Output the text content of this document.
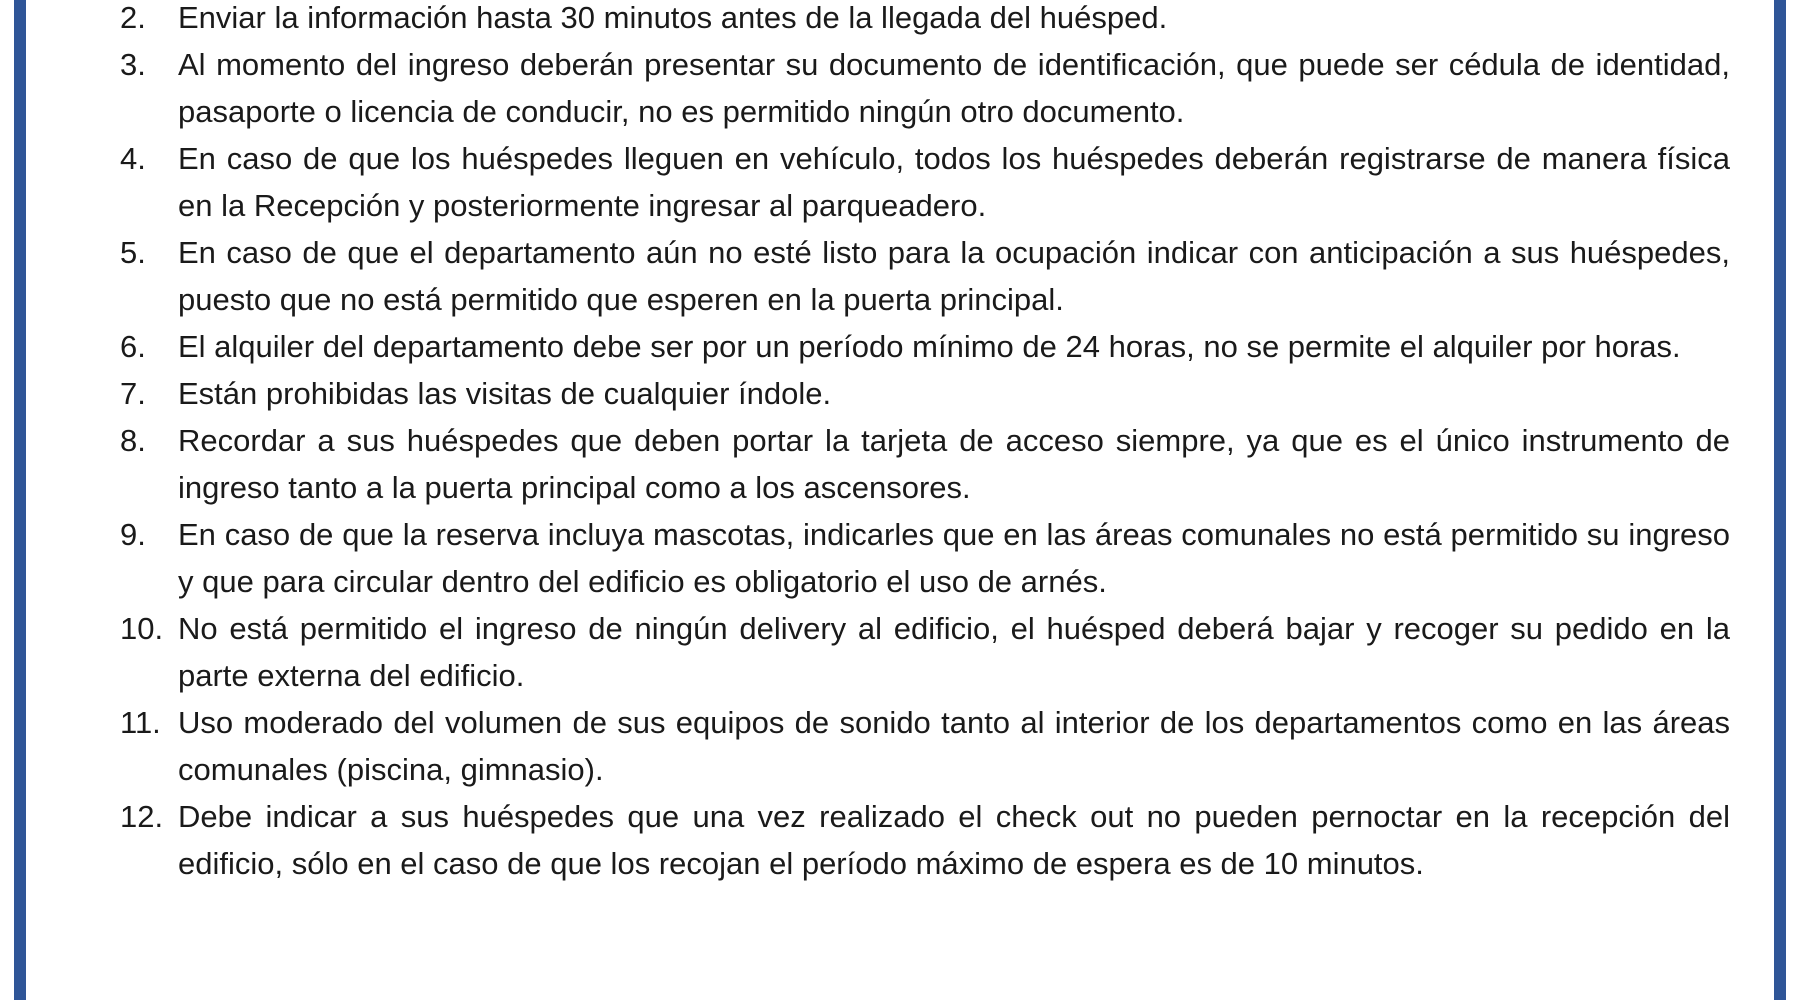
2.	Enviar la información hasta 30 minutos antes de la llegada del huésped.
3.	Al momento del ingreso deberán presentar su documento de identificación, que puede ser cédula de identidad, pasaporte o licencia de conducir, no es permitido ningún otro documento.
4.	En caso de que los huéspedes lleguen en vehículo, todos los huéspedes deberán registrarse de manera física en la Recepción y posteriormente ingresar al parqueadero.
5.	En caso de que el departamento aún no esté listo para la ocupación indicar con anticipación a sus huéspedes, puesto que no está permitido que esperen en la puerta principal.
6.	El alquiler del departamento debe ser por un período mínimo de 24 horas, no se permite el alquiler por horas.
7.	Están prohibidas las visitas de cualquier índole.
8.	Recordar a sus huéspedes que deben portar la tarjeta de acceso siempre, ya que es el único instrumento de ingreso tanto a la puerta principal como a los ascensores.
9.	En caso de que la reserva incluya mascotas, indicarles que en las áreas comunales no está permitido su ingreso y que para circular dentro del edificio es obligatorio el uso de arnés.
10. No está permitido el ingreso de ningún delivery al edificio, el huésped deberá bajar y recoger su pedido en la parte externa del edificio.
11. Uso moderado del volumen de sus equipos de sonido tanto al interior de los departamentos como en las áreas comunales (piscina, gimnasio).
12. Debe indicar a sus huéspedes que una vez realizado el check out no pueden pernoctar en la recepción del edificio, sólo en el caso de que los recojan el período máximo de espera es de 10 minutos.
